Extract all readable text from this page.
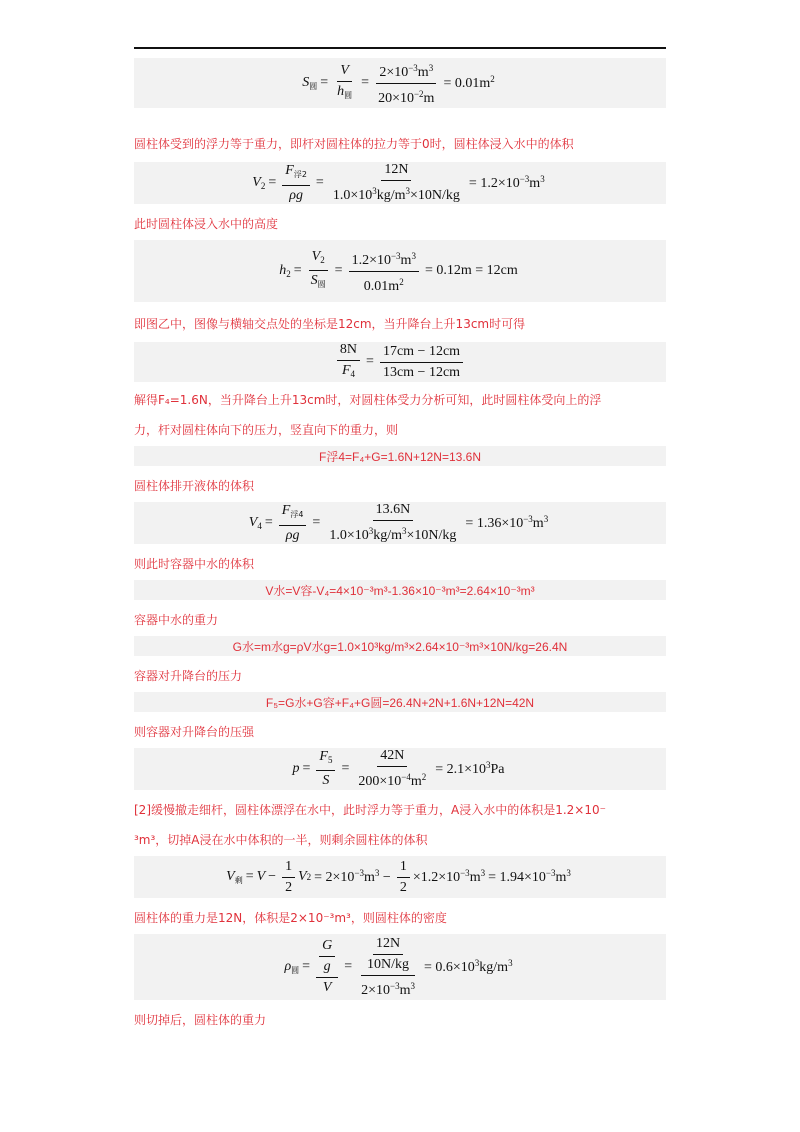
$S_圆 = \frac{V}{h_圆} = \frac{2\times 10^{-3}m^3}{20\times 10^{-2}m} = 0.01m^2$
圆柱体受到的浮力等于重力，即杆对圆柱体的拉力等于0时，圆柱体浸入水中的体积
$V_2 = \frac{F_{浮2}}{\rho g} = \frac{12N}{1.0\times 10^3kg/m^3\times 10N/kg} = 1.2\times 10^{-3}m^3$
此时圆柱体浸入水中的高度
$h_2 = \frac{V_2}{S_圆} = \frac{1.2\times 10^{-3}m^3}{0.01m^2} = 0.12m = 12cm$
即图乙中，图像与横轴交点处的坐标是12cm，当升降台上升13cm时可得
$\frac{8N}{F_4} = \frac{17cm - 12cm}{13cm - 12cm}$
解得F₄=1.6N，当升降台上升13cm时，对圆柱体受力分析可知，此时圆柱体受向上的浮
力，杆对圆柱体向下的压力，竖直向下的重力，则
F浮4=F₄+G=1.6N+12N=13.6N
圆柱体排开液体的体积
$V_4 = \frac{F_{浮4}}{\rho g} = \frac{13.6N}{1.0\times 10^3kg/m^3\times 10N/kg} = 1.36\times 10^{-3}m^3$
则此时容器中水的体积
V水=V容-V₄=4×10⁻³m³-1.36×10⁻³m³=2.64×10⁻³m³
容器中水的重力
G水=m水g=ρV水g=1.0×10³kg/m³×2.64×10⁻³m³×10N/kg=26.4N
容器对升降台的压力
F₅=G水+G容+F₄+G圆=26.4N+2N+1.6N+12N=42N
则容器对升降台的压强
$p = \frac{F_5}{S} = \frac{42N}{200\times 10^{-4}m^2} = 2.1\times 10^3Pa$
[2]缓慢撤走细杆，圆柱体漂浮在水中，此时浮力等于重力，A浸入水中的体积是1.2×10⁻
³m³，切掉A浸在水中体积的一半，则剩余圆柱体的体积
$V_剩 = V - \frac{1}{2}$ V $2 = 2\times 10^{-3}m^3 - \frac{1}{2} \times 1.2\times 10^{-3}m^3 = 1.94\times 10^{-3}m^3$
圆柱体的重力是12N，体积是2×10⁻³m³，则圆柱体的密度
$\rho_圆 = \frac{\frac{G}{g}}{V} = \frac{\frac{12N}{10N/kg}}{2\times 10^{-3}m^3} = 0.6\times 10^3kg/m^3$
则切掉后，圆柱体的重力
